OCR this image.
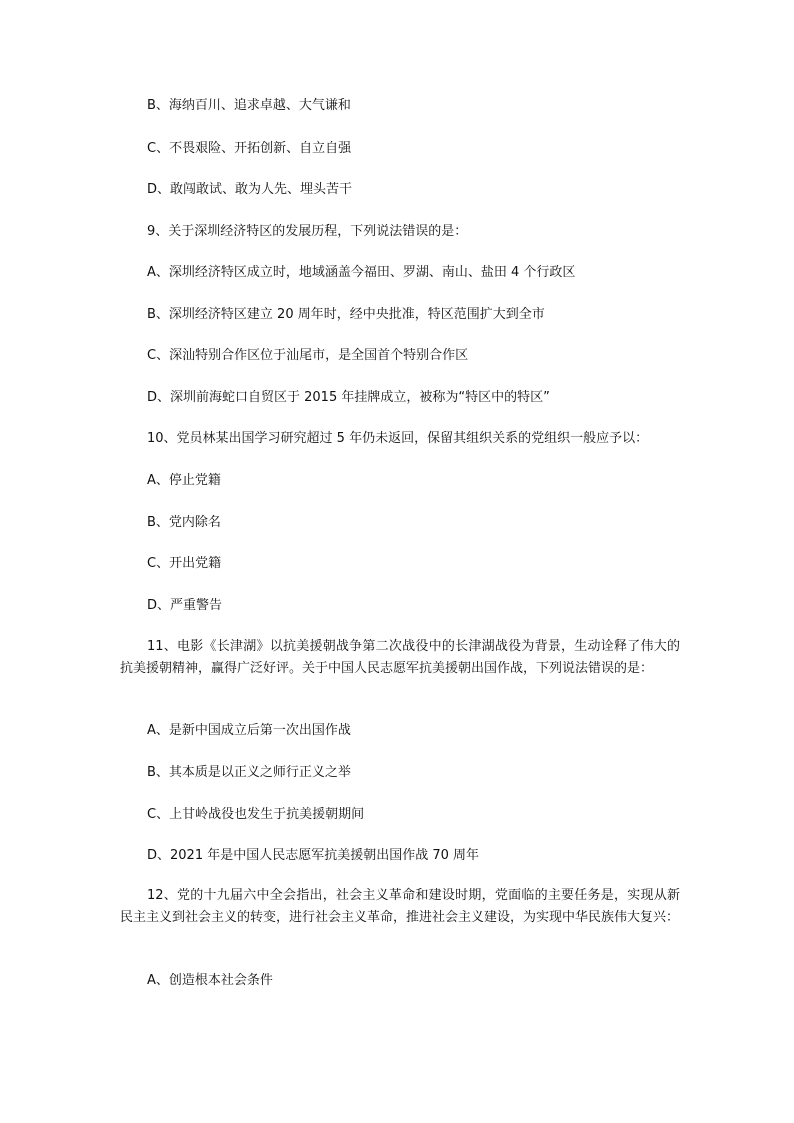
B、海纳百川、追求卓越、大气谦和

C、不畏艰险、开拓创新、自立自强

D、敢闯敢试、敢为人先、埋头苦干

9、关于深圳经济特区的发展历程，下列说法错误的是：

A、深圳经济特区成立时，地域涵盖今福田、罗湖、南山、盐田 4 个行政区

B、深圳经济特区建立 20 周年时，经中央批准，特区范围扩大到全市

C、深汕特别合作区位于汕尾市，是全国首个特别合作区

D、深圳前海蛇口自贸区于 2015 年挂牌成立，被称为“特区中的特区”

10、党员林某出国学习研究超过 5 年仍未返回，保留其组织关系的党组织一般应予以：

A、停止党籍

B、党内除名

C、开出党籍

D、严重警告

11、电影《长津湖》以抗美援朝战争第二次战役中的长津湖战役为背景，生动诠释了伟大的抗美援朝精神，赢得广泛好评。关于中国人民志愿军抗美援朝出国作战，下列说法错误的是：

A、是新中国成立后第一次出国作战

B、其本质是以正义之师行正义之举

C、上甘岭战役也发生于抗美援朝期间

D、2021 年是中国人民志愿军抗美援朝出国作战 70 周年

12、党的十九届六中全会指出，社会主义革命和建设时期，党面临的主要任务是，实现从新民主主义到社会主义的转变，进行社会主义革命，推进社会主义建设，为实现中华民族伟大复兴：

A、创造根本社会条件
